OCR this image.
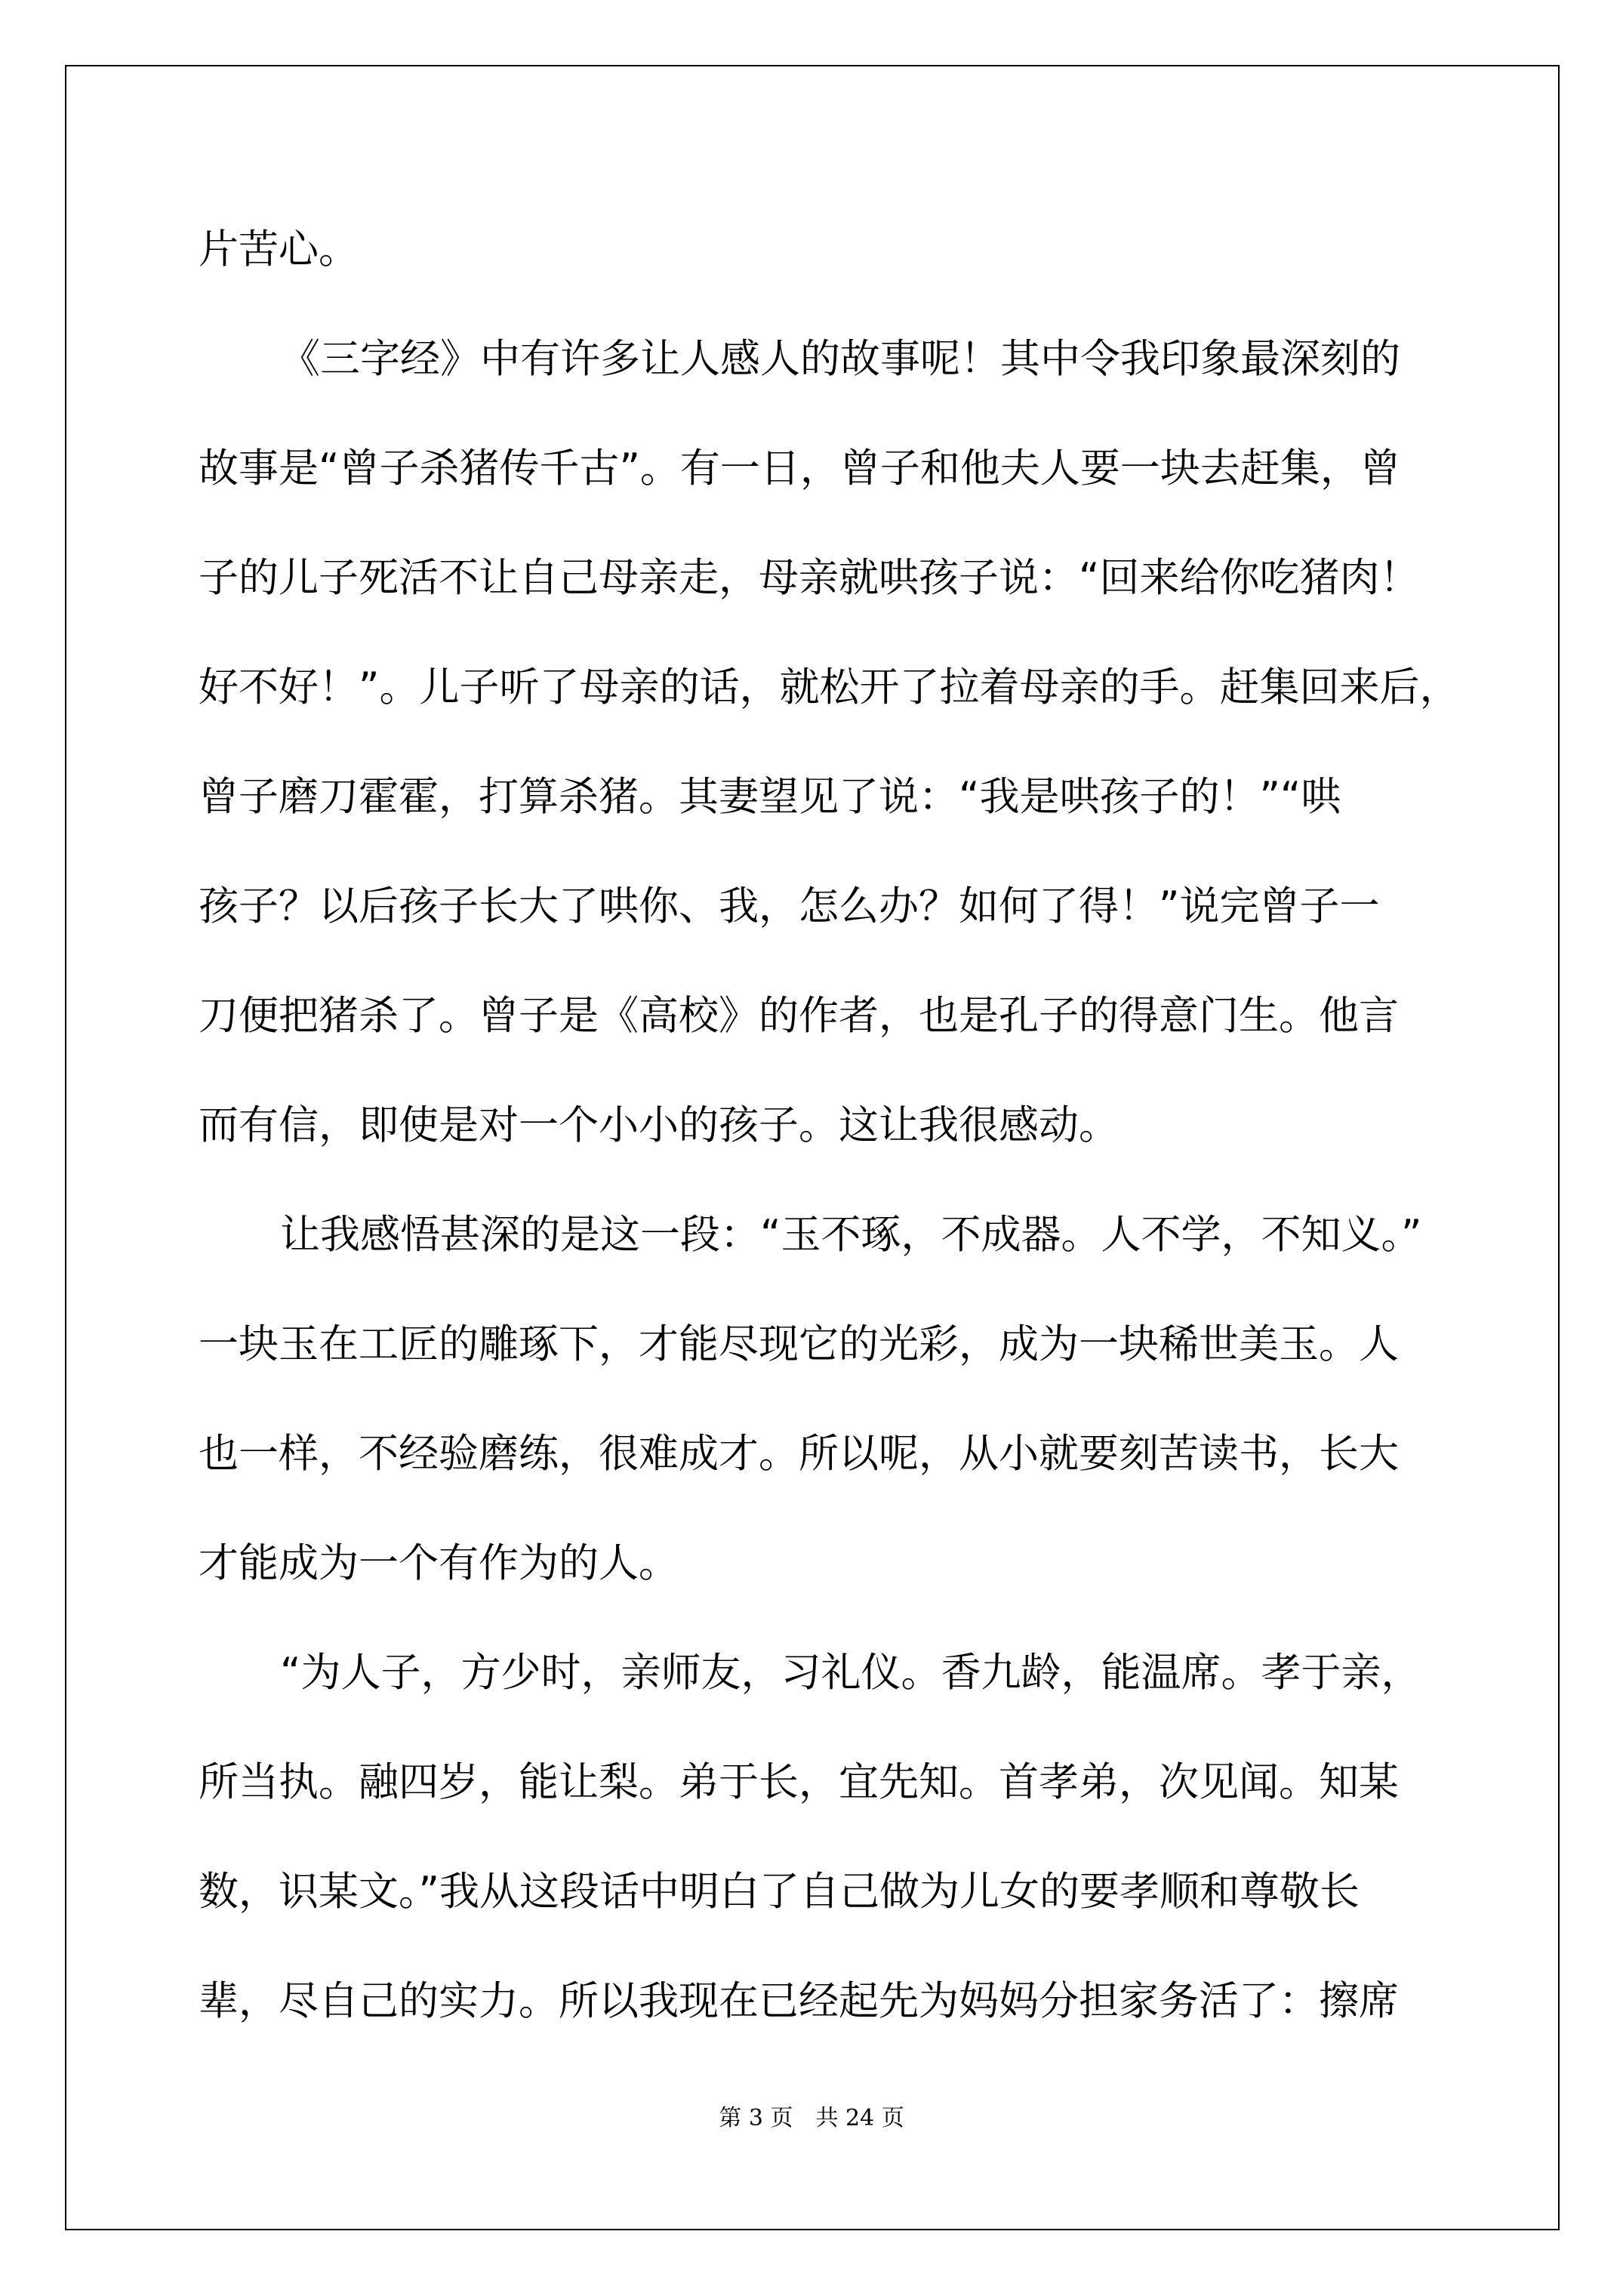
片苦心。
《三字经》中有许多让人感人的故事呢！其中令我印象最深刻的
故事是“曾子杀猪传千古”。有一日，曾子和他夫人要一块去赶集，曾
子的儿子死活不让自己母亲走，母亲就哄孩子说：“回来给你吃猪肉！
好不好！”。儿子听了母亲的话，就松开了拉着母亲的手。赶集回来后，
曾子磨刀霍霍，打算杀猪。其妻望见了说：“我是哄孩子的！”“哄
孩子？以后孩子长大了哄你、我，怎么办？如何了得！”说完曾子一
刀便把猪杀了。曾子是《高校》的作者，也是孔子的得意门生。他言
而有信，即使是对一个小小的孩子。这让我很感动。
让我感悟甚深的是这一段：“玉不琢，不成器。人不学，不知义。”
一块玉在工匠的雕琢下，才能尽现它的光彩，成为一块稀世美玉。人
也一样，不经验磨练，很难成才。所以呢，从小就要刻苦读书，长大
才能成为一个有作为的人。
“为人子，方少时，亲师友，习礼仪。香九龄，能温席。孝于亲，
所当执。融四岁，能让梨。弟于长，宜先知。首孝弟，次见闻。知某
数，识某文。”我从这段话中明白了自己做为儿女的要孝顺和尊敬长
辈，尽自己的实力。所以我现在已经起先为妈妈分担家务活了：擦席
第 3 页　共 24 页
